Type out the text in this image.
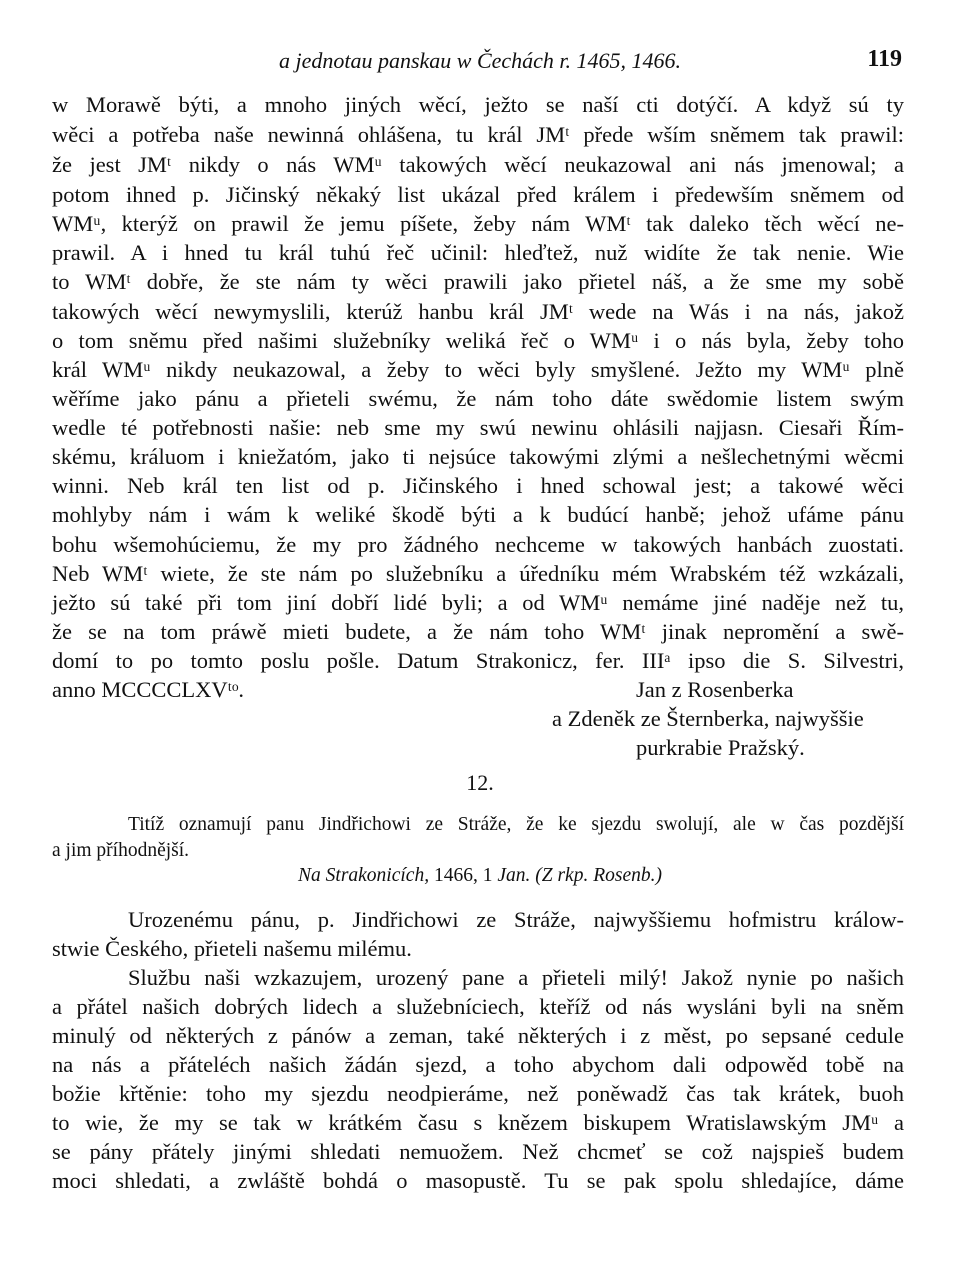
a jednotau panskau w Čechách r. 1465, 1466.	119
w Morawě býti, a mnoho jiných wěcí, ježto se naší cti dotýčí. A když sú ty
wěci a potřeba naše newinná ohlášena, tu král JMᵗ přede wším sněmem tak prawil:
že jest JMᵗ nikdy o nás WMᵘ takowých wěcí neukazowal ani nás jmenowal; a
potom ihned p. Jičinský někaký list ukázal před králem i předewším sněmem od
WMᵘ, kterýž on prawil že jemu píšete, žeby nám WMᵗ tak daleko těch wěcí ne-
prawil. A i hned tu král tuhú řeč učinil: hleďtež, nuž widíte že tak nenie. Wie
to WMᵗ dobře, že ste nám ty wěci prawili jako přietel náš, a že sme my sobě
takowých wěcí newymyslili, kterúž hanbu král JMᵗ wede na Wás i na nás, jakož
o tom sněmu před našimi služebníky weliká řeč o WMᵘ i o nás byla, žeby toho
král WMᵘ nikdy neukazowal, a žeby to wěci byly smyšlené. Ježto my WMᵘ plně
wěříme jako pánu a přieteli swému, že nám toho dáte swědomie listem swým
wedle té potřebnosti našie: neb sme my swú newinu ohlásili najjasn. Ciesaři Řím-
skému, králuom i kniežatóm, jako ti nejsúce takowými zlými a nešlechetnými wěcmi
winni. Neb král ten list od p. Jičinského i hned schowal jest; a takowé wěci
mohlyby nám i wám k weliké škodě býti a k budúcí hanbě; jehož ufáme pánu
bohu wšemohúciemu, že my pro žádného nechceme w takowých hanbách zuostati.
Neb WMᵗ wiete, že ste nám po služebníku a úředníku mém Wrabském též wzkázali,
ježto sú také při tom jiní dobří lidé byli; a od WMᵘ nemáme jiné naděje než tu,
že se na tom práwě mieti budete, a že nám toho WMᵗ jinak nepromění a swě-
domí to po tomto poslu pošle. Datum Strakonicz, fer. IIIᵃ ipso die S. Silvestri,
anno MCCCCLXVᵗᵒ.	Jan z Rosenberka
a Zdeněk ze Šternberka, najwyššie
purkrabie Pražský.
12.
Titíž oznamují panu Jindřichowi ze Stráže, že ke sjezdu swolují, ale w čas pozdější
a jim příhodnější.
Na Strakonicích, 1466, 1 Jan. (Z rkp. Rosenb.)
Urozenému pánu, p. Jindřichowi ze Stráže, najwyššiemu hofmistru králow-
stwie Českého, přieteli našemu milému.
Službu naši wzkazujem, urozený pane a přieteli milý! Jakož nynie po našich
a přátel našich dobrých lidech a služebníciech, kteříž od nás wysláni byli na sněm
minulý od některých z pánów a zeman, také některých i z měst, po sepsané cedule
na nás a přáteléch našich žádán sjezd, a toho abychom dali odpowěd tobě na
božie křtěnie: toho my sjezdu neodpieráme, než poněwadž čas tak krátek, buoh
to wie, že my se tak w krátkém času s knězem biskupem Wratislawským JMᵘ a
se pány přátely jinými shledati nemuožem. Než chcmeť se což najspieš budem
moci shledati, a zwláště bohdá o masopustě. Tu se pak spolu shledajíce, dáme
